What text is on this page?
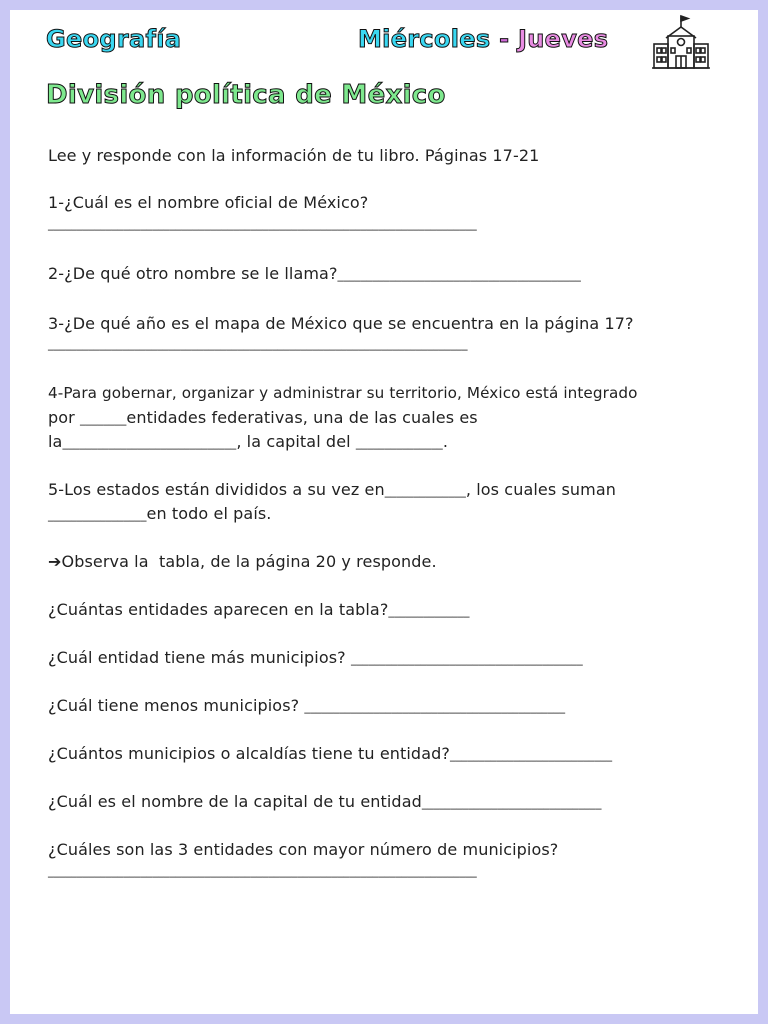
Geografía	Miércoles - Jueves
División política de México
Lee y responde con la información de tu libro. Páginas 17-21
1-¿Cuál es el nombre oficial de México?
__________________________________________________________________________
2-¿De qué otro nombre se le llama?__________________________________________
3-¿De qué año es el mapa de México que se encuentra en la página 17?
_________________________________________________________________________
4-Para gobernar, organizar y administrar su territorio, México está integrado
por ________entidades federativas, una de las cuales es
la______________________________, la capital del _______________.
5-Los estados están divididos a su vez en______________, los cuales suman
_________________en todo el país.
➔Observa la  tabla, de la página 20 y responde.
¿Cuántas entidades aparecen en la tabla?______________
¿Cuál entidad tiene más municipios? ________________________________________
¿Cuál tiene menos municipios? _____________________________________________
¿Cuántos municipios o alcaldías tiene tu entidad?____________________________
¿Cuál es el nombre de la capital de tu entidad_______________________________
¿Cuáles son las 3 entidades con mayor número de municipios?
__________________________________________________________________________
